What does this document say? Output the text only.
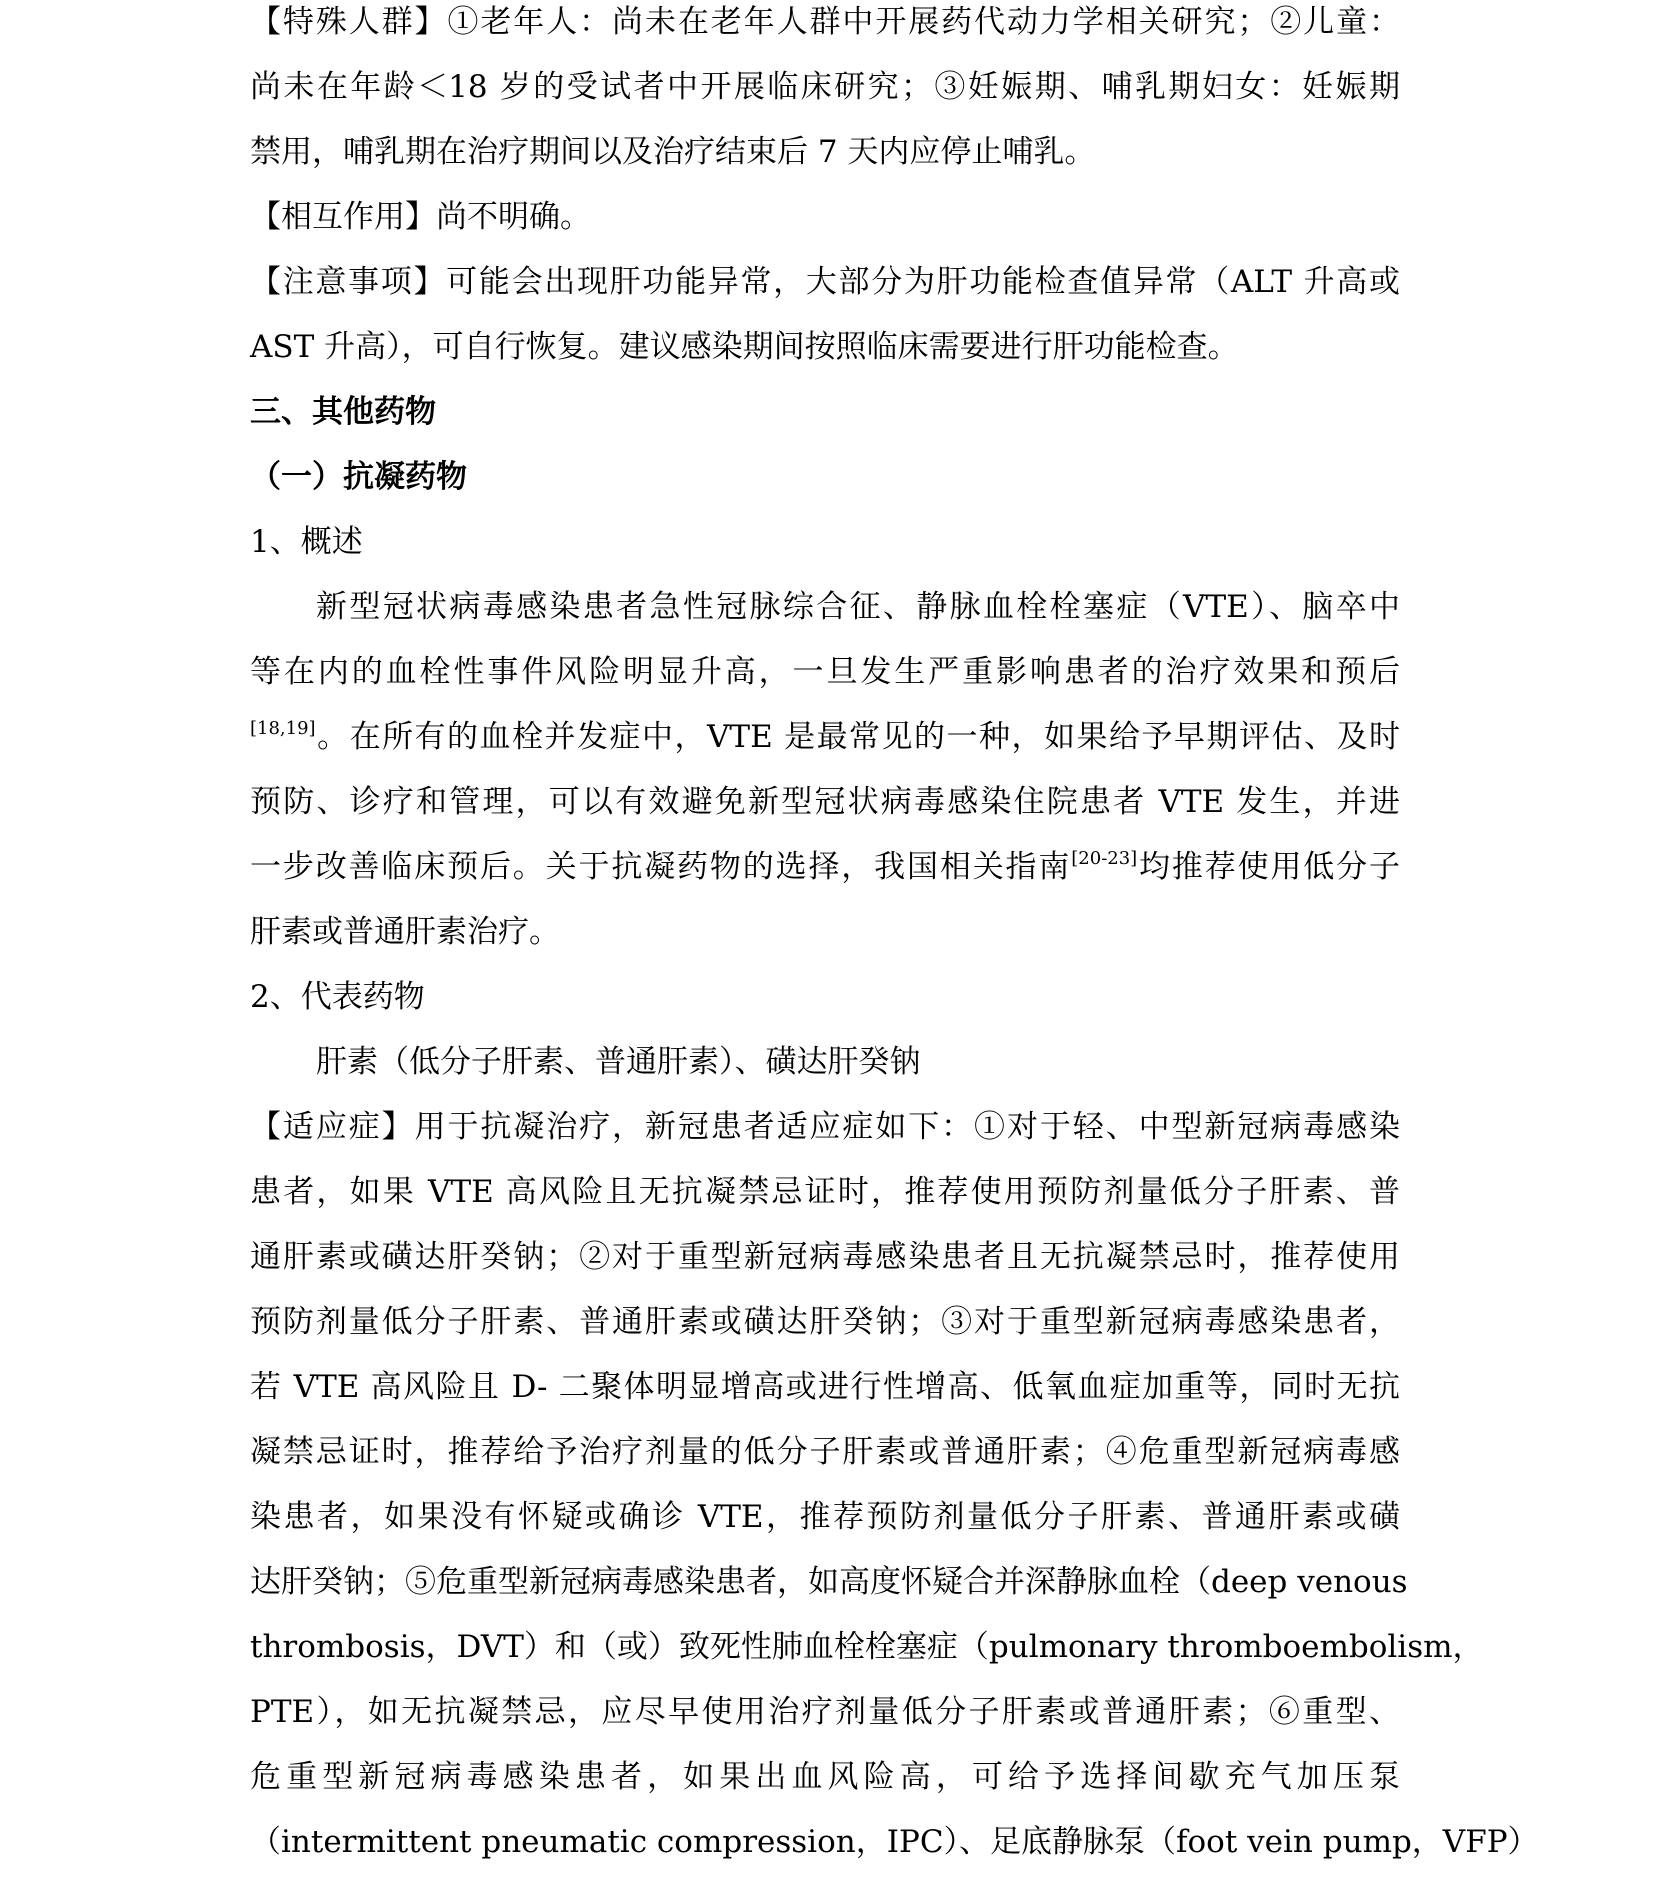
【特殊人群】①老年人：尚未在老年人群中开展药代动力学相关研究；②儿童：
尚未在年龄＜18 岁的受试者中开展临床研究；③妊娠期、哺乳期妇女：妊娠期
禁用，哺乳期在治疗期间以及治疗结束后 7 天内应停止哺乳。
【相互作用】尚不明确。
【注意事项】可能会出现肝功能异常，大部分为肝功能检查值异常（ALT 升高或
AST 升高），可自行恢复。建议感染期间按照临床需要进行肝功能检查。
三、其他药物
（一）抗凝药物
1、概述
新型冠状病毒感染患者急性冠脉综合征、静脉血栓栓塞症（VTE）、脑卒中
等在内的血栓性事件风险明显升高，一旦发生严重影响患者的治疗效果和预后
[18,19]。在所有的血栓并发症中，VTE 是最常见的一种，如果给予早期评估、及时
预防、诊疗和管理，可以有效避免新型冠状病毒感染住院患者 VTE 发生，并进
一步改善临床预后。关于抗凝药物的选择，我国相关指南[20-23]均推荐使用低分子
肝素或普通肝素治疗。
2、代表药物
肝素（低分子肝素、普通肝素）、磺达肝癸钠
【适应症】用于抗凝治疗，新冠患者适应症如下：①对于轻、中型新冠病毒感染
患者，如果 VTE 高风险且无抗凝禁忌证时，推荐使用预防剂量低分子肝素、普
通肝素或磺达肝癸钠；②对于重型新冠病毒感染患者且无抗凝禁忌时，推荐使用
预防剂量低分子肝素、普通肝素或磺达肝癸钠；③对于重型新冠病毒感染患者，
若 VTE 高风险且 D- 二聚体明显增高或进行性增高、低氧血症加重等，同时无抗
凝禁忌证时，推荐给予治疗剂量的低分子肝素或普通肝素；④危重型新冠病毒感
染患者，如果没有怀疑或确诊 VTE，推荐预防剂量低分子肝素、普通肝素或磺
达肝癸钠；⑤危重型新冠病毒感染患者，如高度怀疑合并深静脉血栓（deep venous
thrombosis，DVT）和（或）致死性肺血栓栓塞症（pulmonary thromboembolism，
PTE），如无抗凝禁忌，应尽早使用治疗剂量低分子肝素或普通肝素；⑥重型、
危重型新冠病毒感染患者，如果出血风险高，可给予选择间歇充气加压泵
（intermittent pneumatic compression，IPC）、足底静脉泵（foot vein pump，VFP）
